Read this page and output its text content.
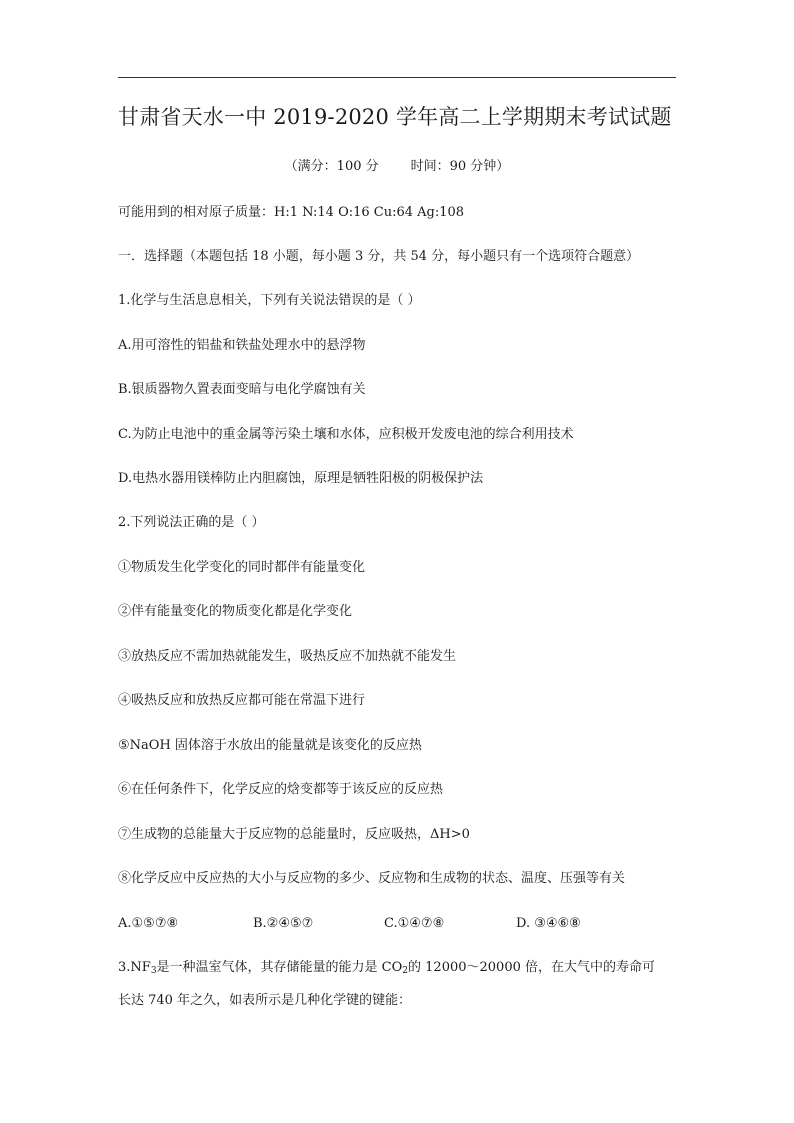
甘肃省天水一中 2019-2020 学年高二上学期期末考试试题
（满分：100 分 时间：90 分钟）
可能用到的相对原子质量：H:1 N:14 O:16 Cu:64 Ag:108
一．选择题（本题包括 18 小题，每小题 3 分，共 54 分，每小题只有一个选项符合题意）
1.化学与生活息息相关，下列有关说法错误的是（ ）
A.用可溶性的铝盐和铁盐处理水中的悬浮物
B.银质器物久置表面变暗与电化学腐蚀有关
C.为防止电池中的重金属等污染土壤和水体，应积极开发废电池的综合利用技术
D.电热水器用镁棒防止内胆腐蚀，原理是牺牲阳极的阴极保护法
2.下列说法正确的是（ ）
①物质发生化学变化的同时都伴有能量变化
②伴有能量变化的物质变化都是化学变化
③放热反应不需加热就能发生，吸热反应不加热就不能发生
④吸热反应和放热反应都可能在常温下进行
⑤NaOH 固体溶于水放出的能量就是该变化的反应热
⑥在任何条件下，化学反应的焓变都等于该反应的反应热
⑦生成物的总能量大于反应物的总能量时，反应吸热，ΔH>0
⑧化学反应中反应热的大小与反应物的多少、反应物和生成物的状态、温度、压强等有关
A.①⑤⑦⑧	B.②④⑤⑦	C.①④⑦⑧	D. ③④⑥⑧
$3.NF_3$是一种温室气体，其存储能量的能力是 $CO_2$的 12000～20000 倍，在大气中的寿命可
长达 740 年之久，如表所示是几种化学键的键能：
